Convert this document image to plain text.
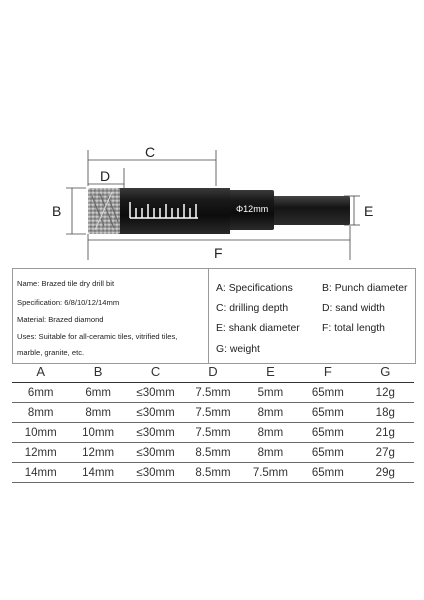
C
D
B	E
F
Φ12mm
Name: Brazed tile dry drill bit
Specification: 6/8/10/12/14mm
Material: Brazed diamond
Uses: Suitable for all-ceramic tiles, vitrified tiles,
marble, granite, etc.
A: Specifications	B: Punch diameter
C: drilling depth	D: sand width
E: shank diameter F: total length
G: weight
A	B	C	D	E	F	G
6mm	6mm	≤30mm	7.5mm	5mm	65mm	12g
8mm	8mm	≤30mm	7.5mm	8mm	65mm	18g
10mm	10mm	≤30mm	7.5mm	8mm	65mm	21g
12mm	12mm	≤30mm	8.5mm	8mm	65mm	27g
14mm	14mm	≤30mm	8.5mm	7.5mm	65mm	29g
